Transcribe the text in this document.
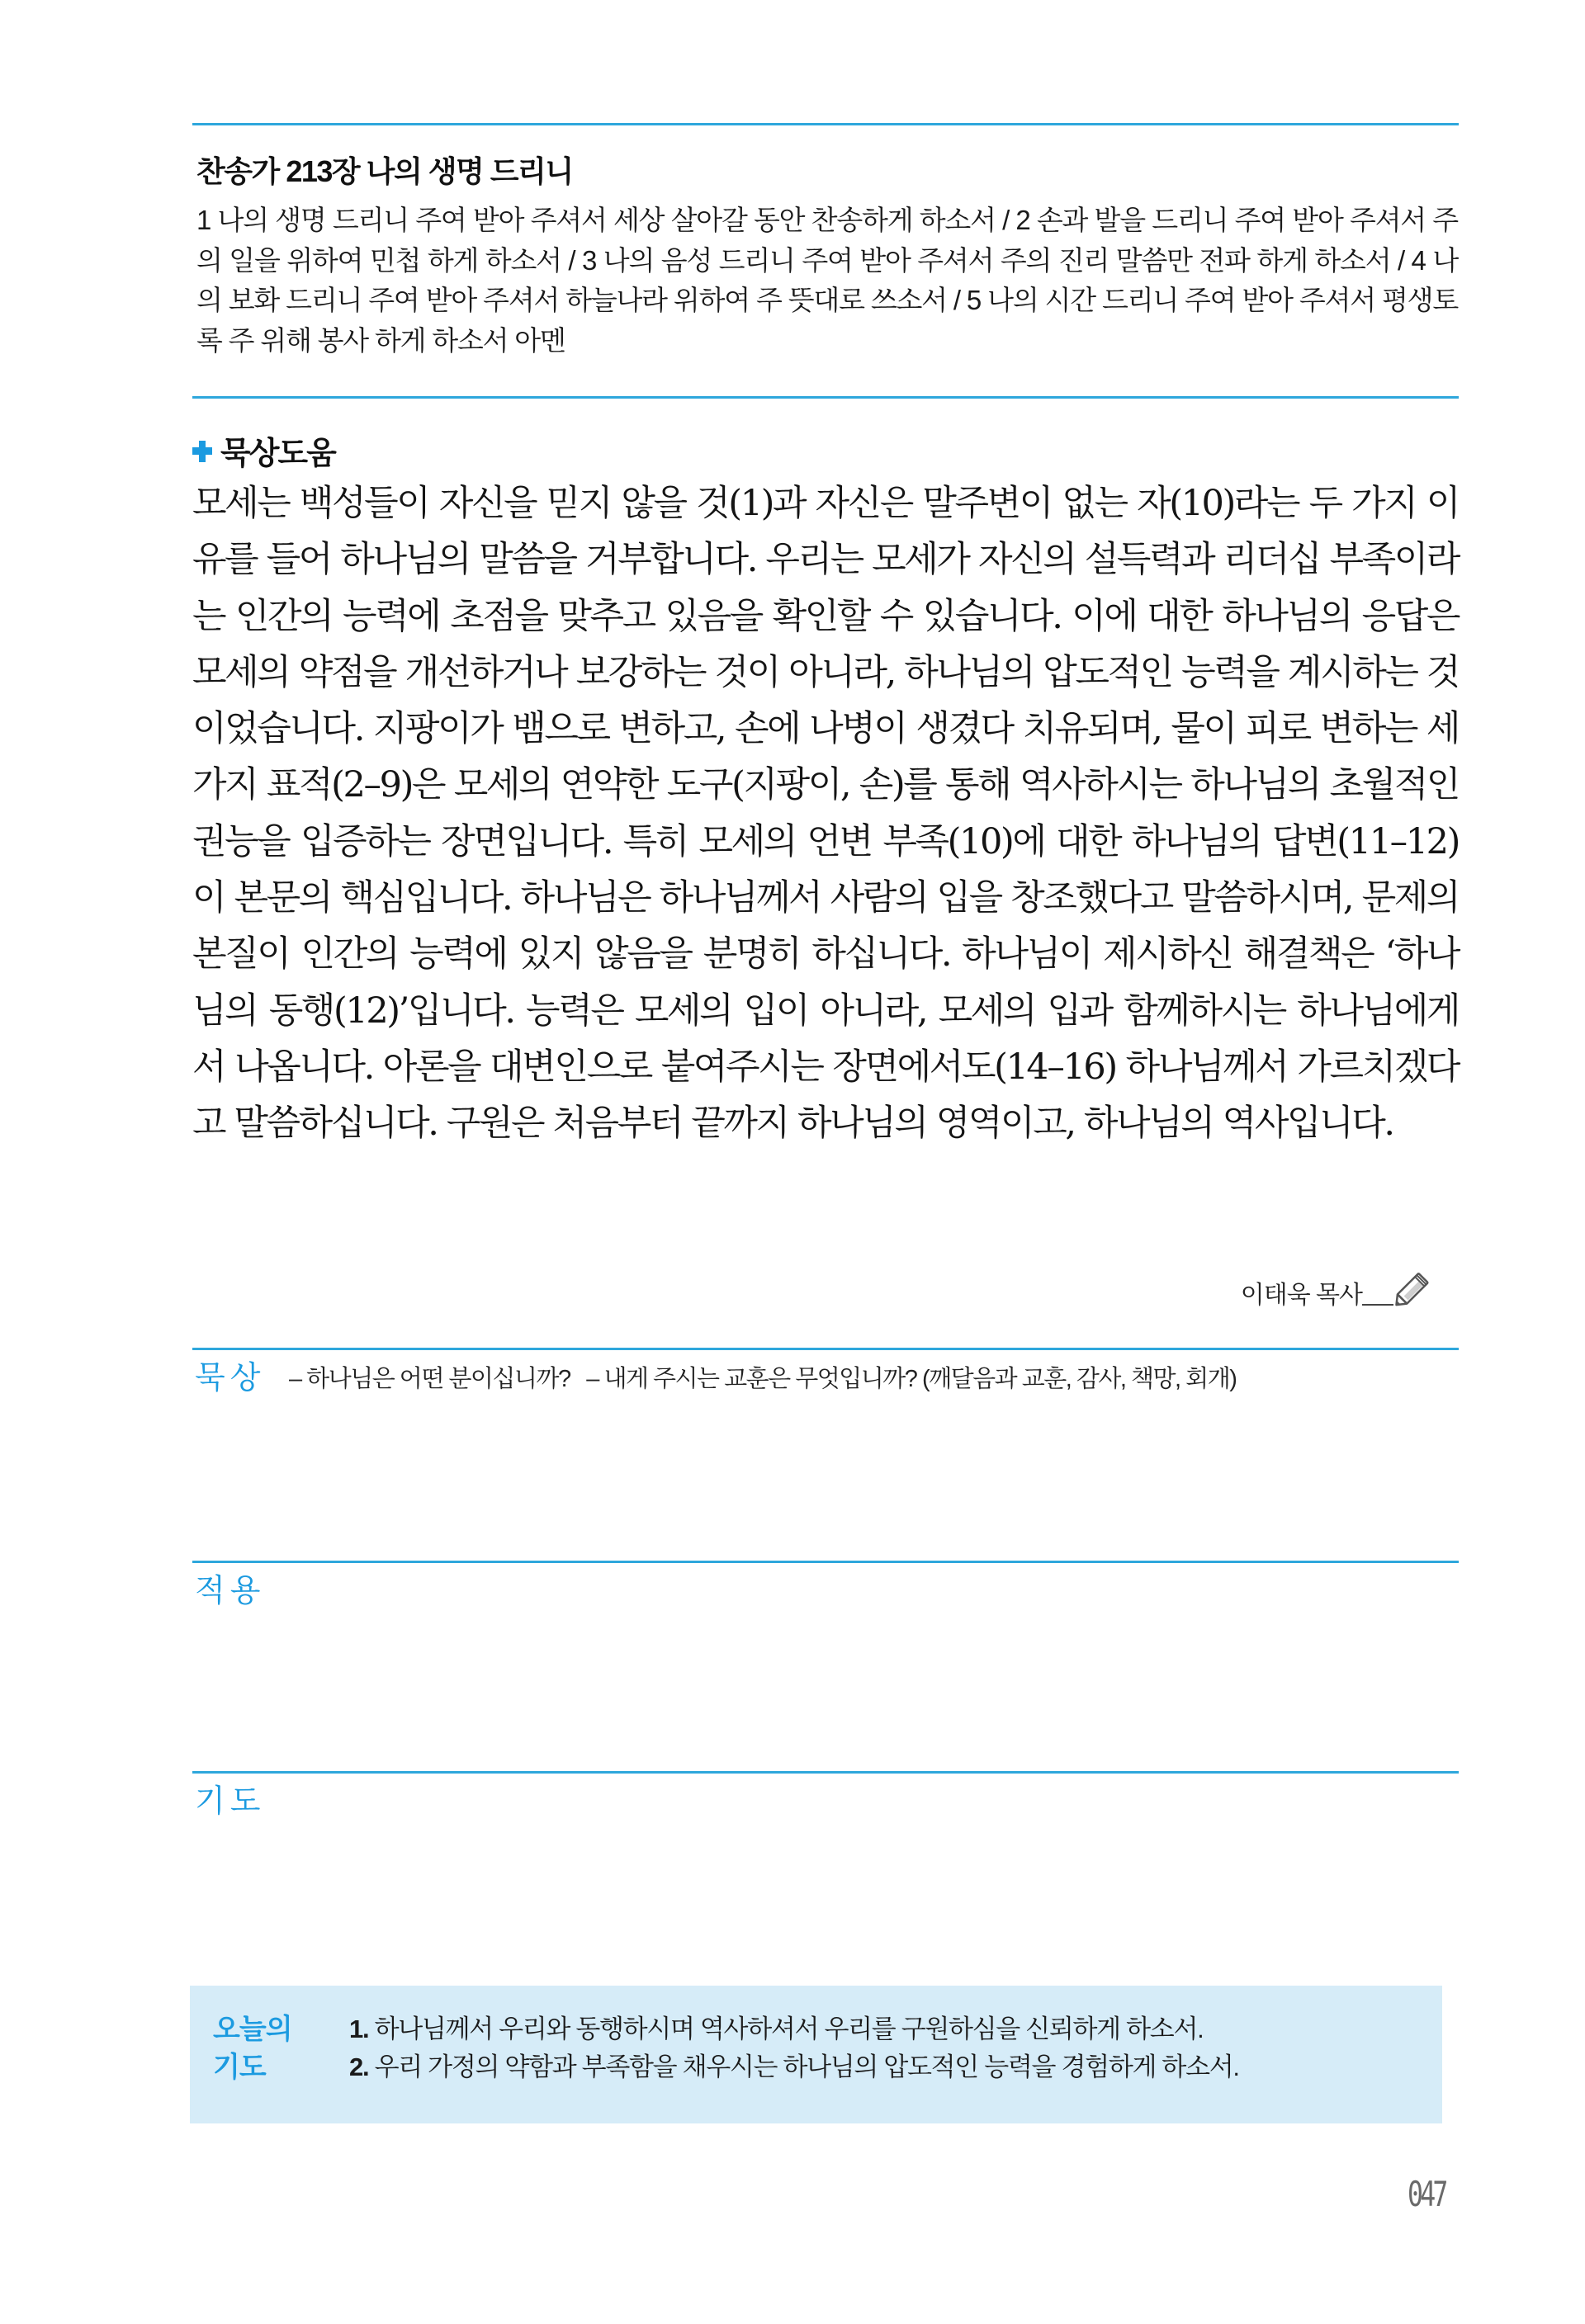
찬송가 213장 나의 생명 드리니
1 나의 생명 드리니 주여 받아 주셔서 세상 살아갈 동안 찬송하게 하소서 / 2 손과 발을 드리니 주여 받아 주셔서 주의 일을 위하여 민첩 하게 하소서 / 3 나의 음성 드리니 주여 받아 주셔서 주의 진리 말씀만 전파 하게 하소서 / 4 나의 보화 드리니 주여 받아 주셔서 하늘나라 위하여 주 뜻대로 쓰소서 / 5 나의 시간 드리니 주여 받아 주셔서 평생토록 주 위해 봉사 하게 하소서 아멘
묵상도움
모세는 백성들이 자신을 믿지 않을 것(1)과 자신은 말주변이 없는 자(10)라는 두 가지 이유를 들어 하나님의 말씀을 거부합니다. 우리는 모세가 자신의 설득력과 리더십 부족이라는 인간의 능력에 초점을 맞추고 있음을 확인할 수 있습니다. 이에 대한 하나님의 응답은 모세의 약점을 개선하거나 보강하는 것이 아니라, 하나님의 압도적인 능력을 계시하는 것이었습니다. 지팡이가 뱀으로 변하고, 손에 나병이 생겼다 치유되며, 물이 피로 변하는 세 가지 표적(2–9)은 모세의 연약한 도구(지팡이, 손)를 통해 역사하시는 하나님의 초월적인 권능을 입증하는 장면입니다. 특히 모세의 언변 부족(10)에 대한 하나님의 답변(11–12)이 본문의 핵심입니다. 하나님은 하나님께서 사람의 입을 창조했다고 말씀하시며, 문제의 본질이 인간의 능력에 있지 않음을 분명히 하십니다. 하나님이 제시하신 해결책은 ‘하나님의 동행(12)’입니다. 능력은 모세의 입이 아니라, 모세의 입과 함께하시는 하나님에게서 나옵니다. 아론을 대변인으로 붙여주시는 장면에서도(14–16) 하나님께서 가르치겠다고 말씀하십니다. 구원은 처음부터 끝까지 하나님의 영역이고, 하나님의 역사입니다.
이태욱 목사
묵상 – 하나님은 어떤 분이십니까?   – 내게 주시는 교훈은 무엇입니까? (깨달음과 교훈, 감사, 책망, 회개)
적용
기도
오늘의
기도
1. 하나님께서 우리와 동행하시며 역사하셔서 우리를 구원하심을 신뢰하게 하소서.
2. 우리 가정의 약함과 부족함을 채우시는 하나님의 압도적인 능력을 경험하게 하소서.
047
